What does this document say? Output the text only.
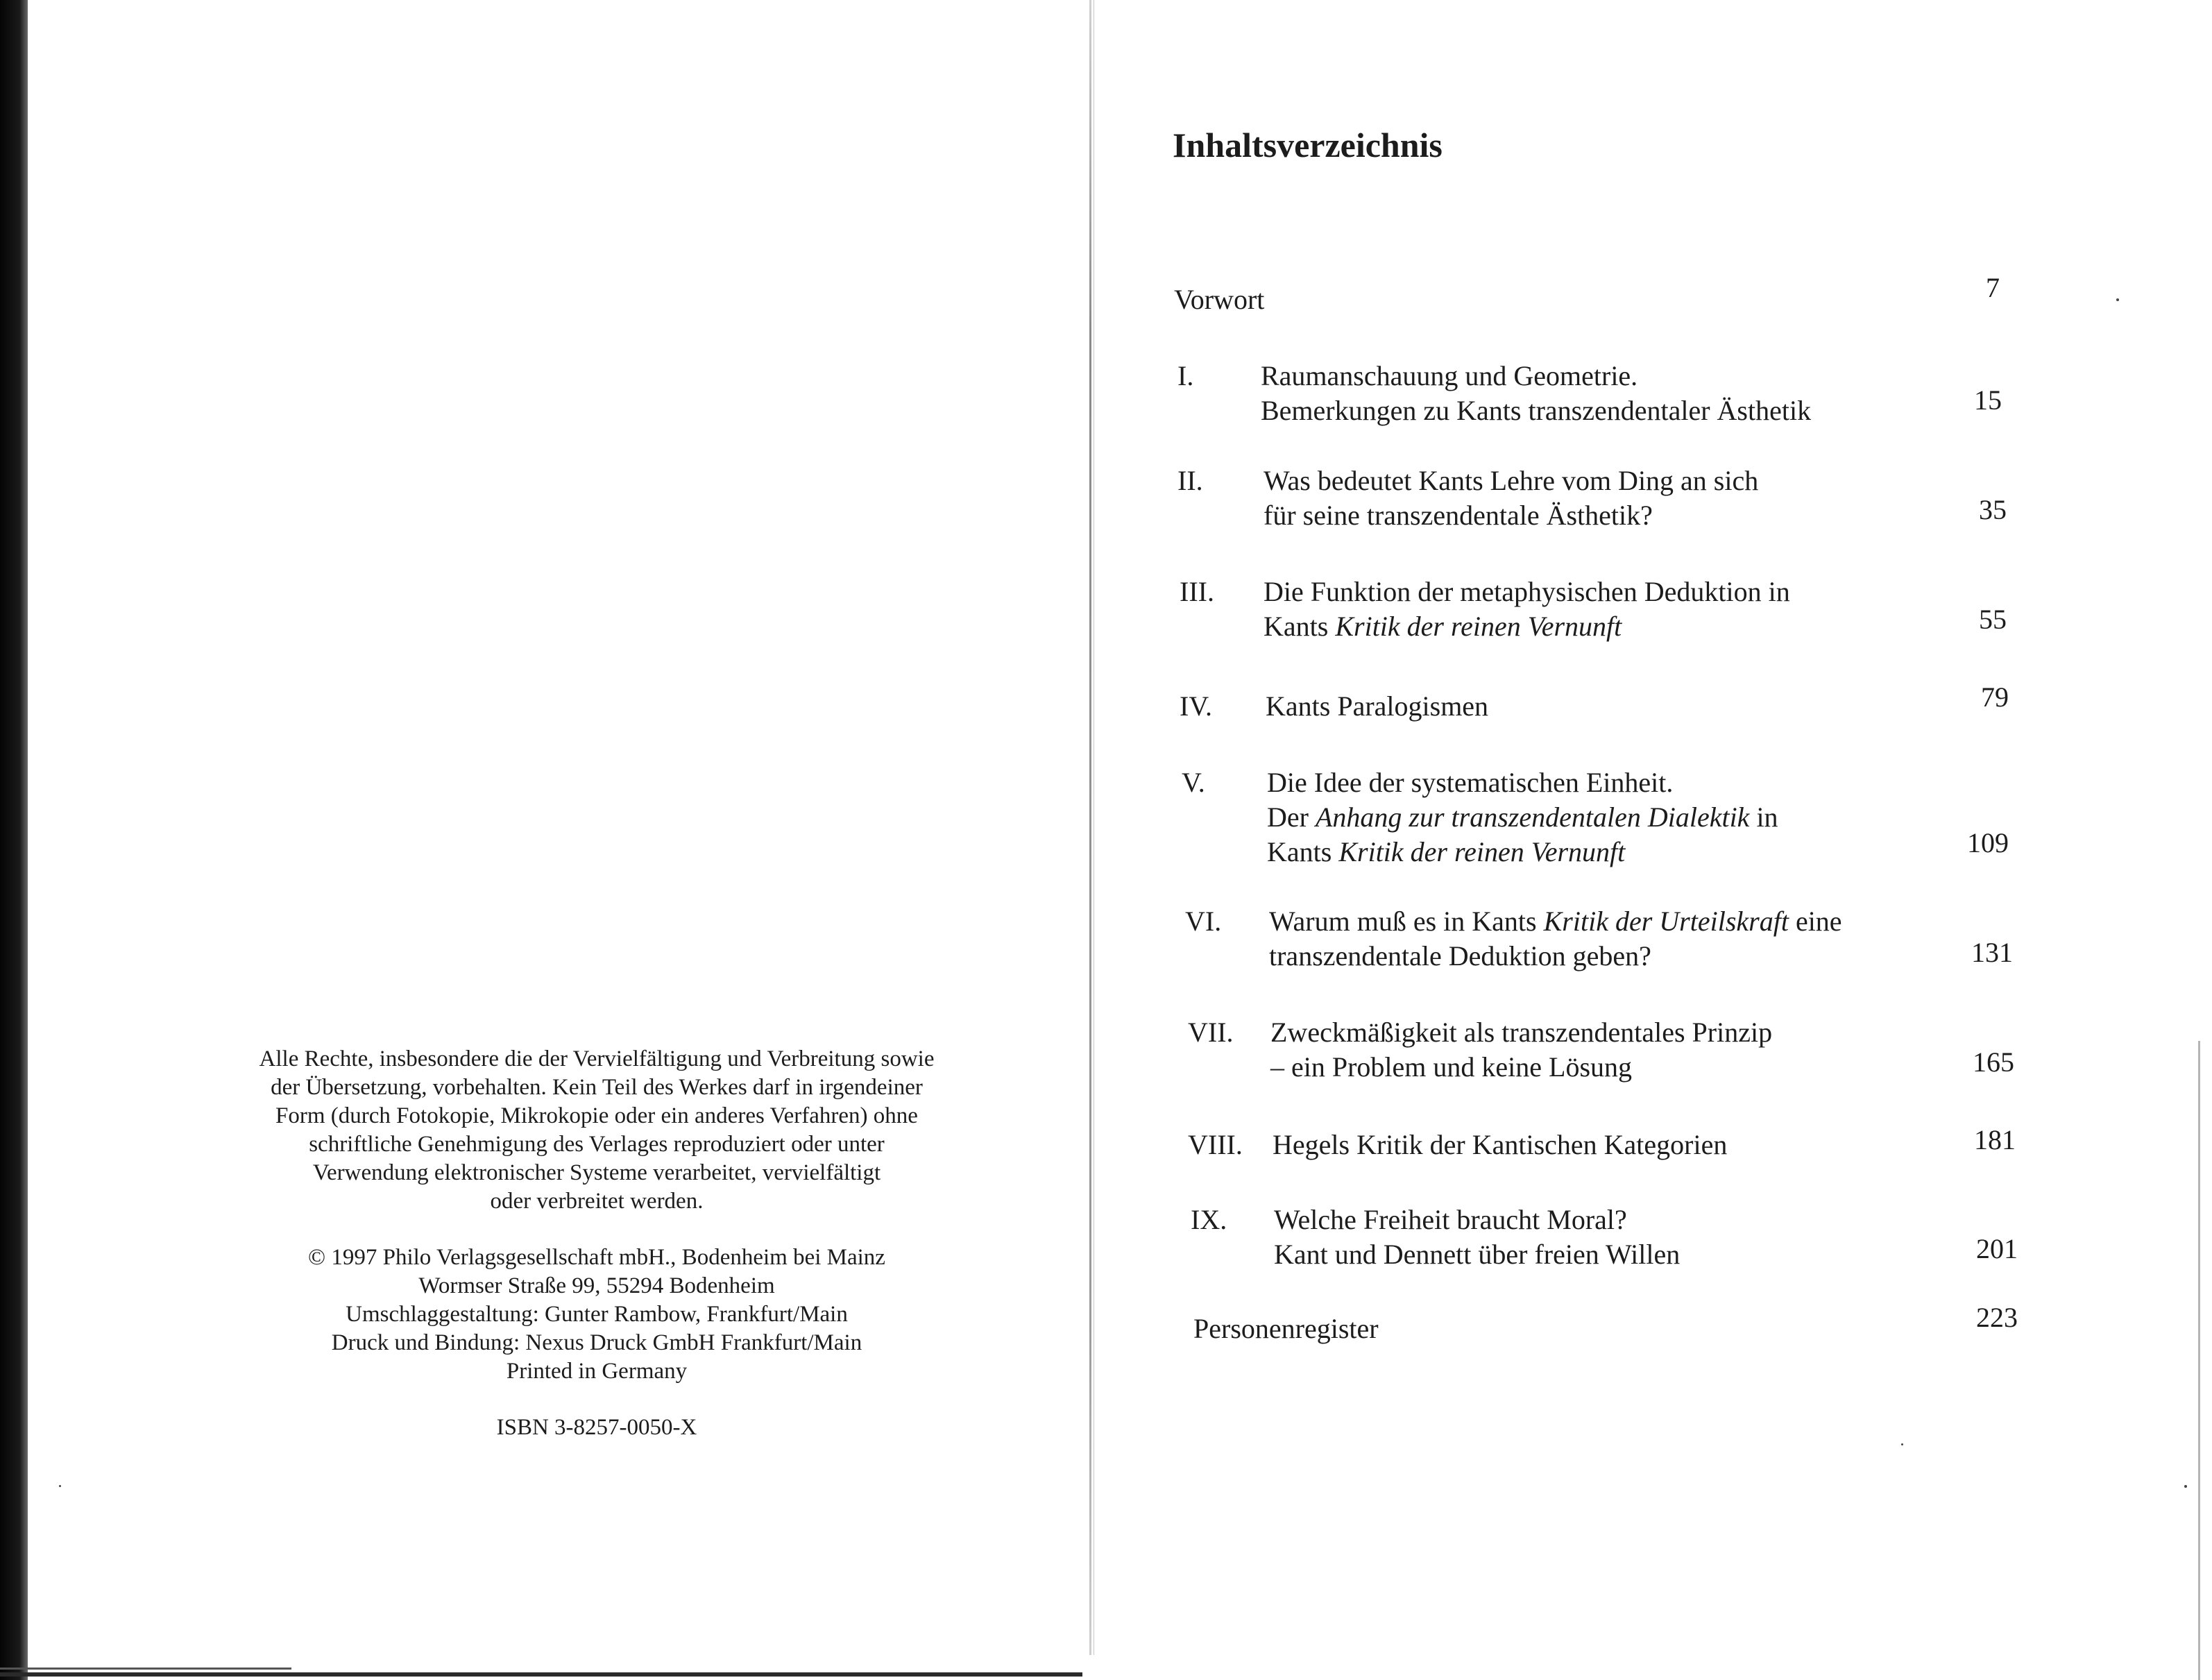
Alle Rechte, insbesondere die der Vervielfältigung und Verbreitung sowie

der Übersetzung, vorbehalten. Kein Teil des Werkes darf in irgendeiner

Form (durch Fotokopie, Mikrokopie oder ein anderes Verfahren) ohne

schriftliche Genehmigung des Verlages reproduziert oder unter

Verwendung elektronischer Systeme verarbeitet, vervielfältigt

oder verbreitet werden.

© 1997 Philo Verlagsgesellschaft mbH., Bodenheim bei Mainz

Wormser Straße 99, 55294 Bodenheim

Umschlaggestaltung: Gunter Rambow, Frankfurt/Main

Druck und Bindung: Nexus Druck GmbH Frankfurt/Main

Printed in Germany

ISBN 3-8257-0050-X

Inhaltsverzeichnis
Vorwort	7
I. Raumanschauung und Geometrie.
Bemerkungen zu Kants transzendentaler Ästhetik	15
II. Was bedeutet Kants Lehre vom Ding an sich
für seine transzendentale Ästhetik?	35
III. Die Funktion der metaphysischen Deduktion in
Kants Kritik der reinen Vernunft	55
IV. Kants Paralogismen	79
V. Die Idee der systematischen Einheit.
Der Anhang zur transzendentalen Dialektik in
Kants Kritik der reinen Vernunft	109
VI. Warum muß es in Kants Kritik der Urteilskraft eine
transzendentale Deduktion geben?	131
VII. Zweckmäßigkeit als transzendentales Prinzip
– ein Problem und keine Lösung	165
VIII. Hegels Kritik der Kantischen Kategorien	181
IX. Welche Freiheit braucht Moral?
Kant und Dennett über freien Willen	201
Personenregister	223
